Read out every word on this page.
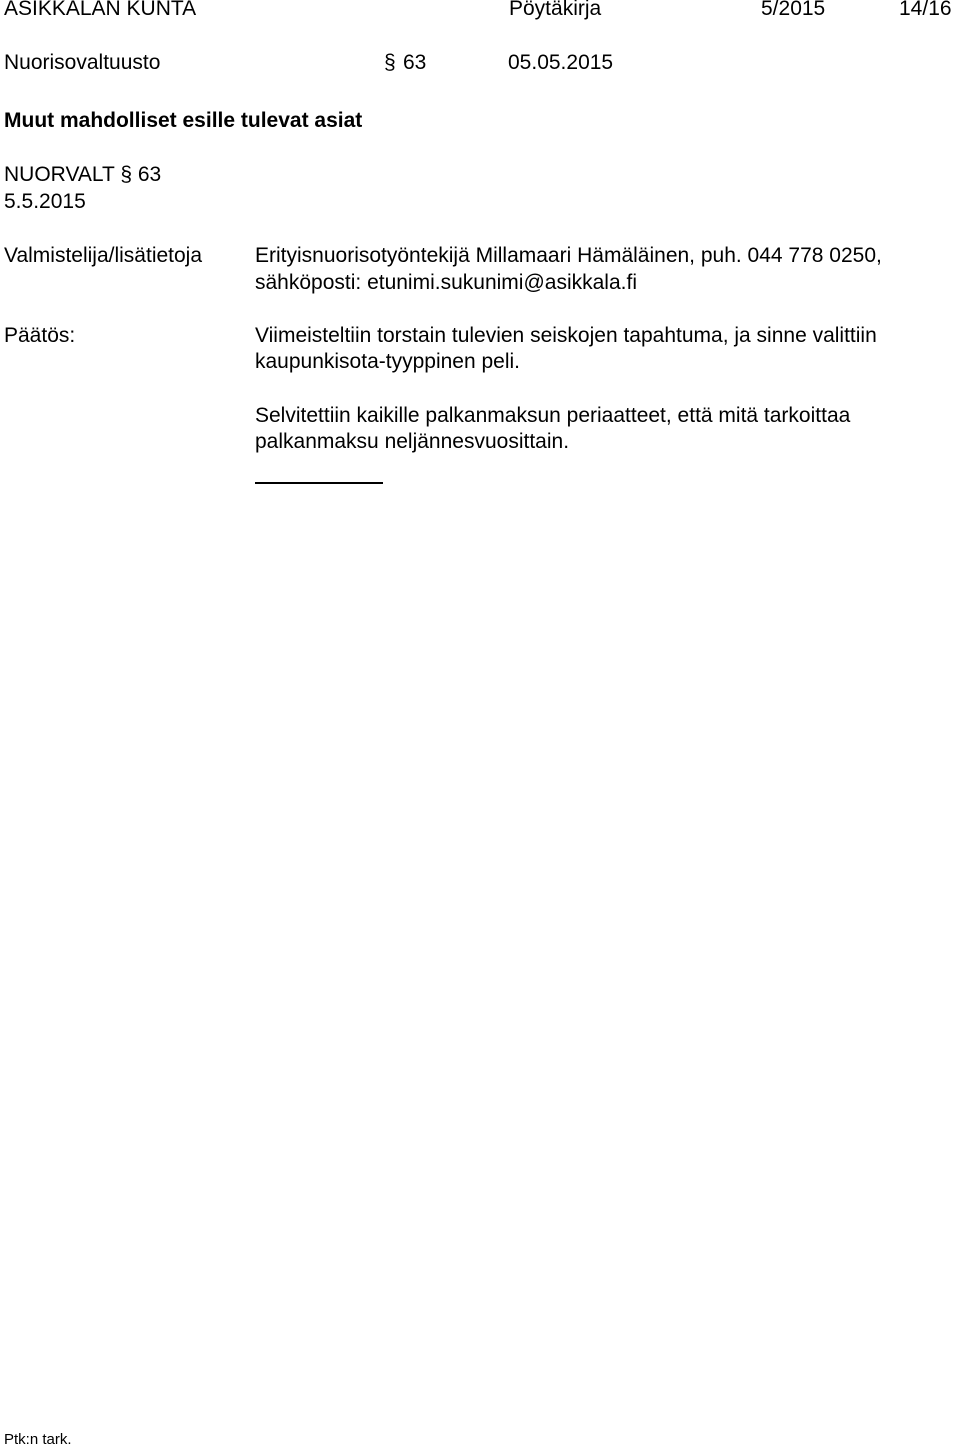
ASIKKALAN KUNTA	Pöytäkirja	5/2015	14/16
Nuorisovaltuusto	§ 63	05.05.2015
Muut mahdolliset esille tulevat asiat
NUORVALT § 63
5.5.2015
Valmistelija/lisätietoja	Erityisnuorisotyöntekijä Millamaari Hämäläinen, puh. 044 778 0250,
sähköposti: etunimi.sukunimi@asikkala.fi
Päätös:	Viimeisteltiin torstain tulevien seiskojen tapahtuma, ja sinne valittiin kaupunkisota-tyyppinen peli.
Selvitettiin kaikille palkanmaksun periaatteet, että mitä tarkoittaa palkanmaksu neljännesvuosittain.
Ptk:n tark.
